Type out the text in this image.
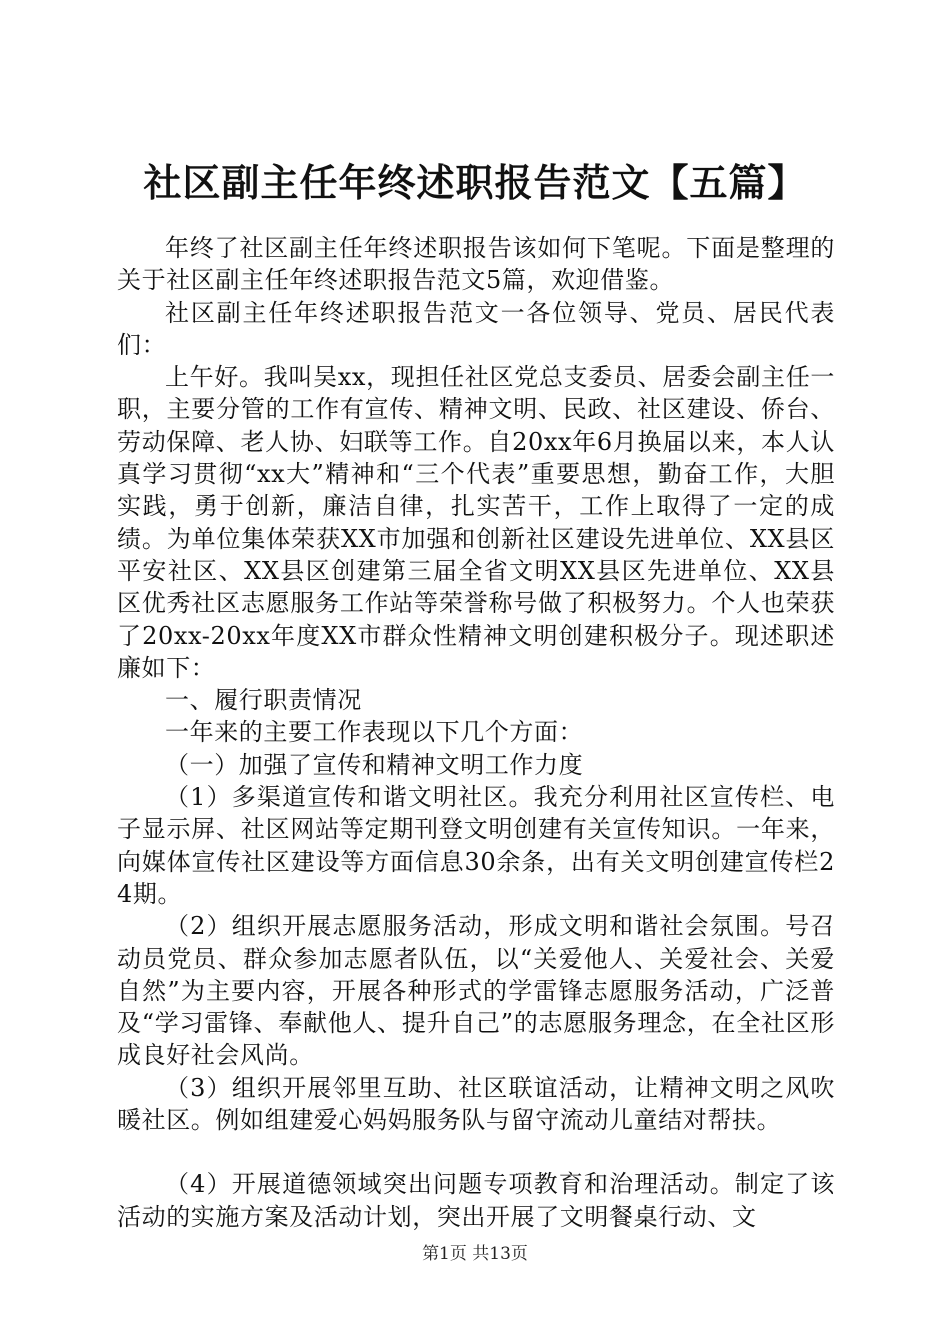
社区副主任年终述职报告范文【五篇】

年终了社区副主任年终述职报告该如何下笔呢。下面是整理的关于社区副主任年终述职报告范文5篇，欢迎借鉴。

社区副主任年终述职报告范文一各位领导、党员、居民代表们：

上午好。我叫吴xx，现担任社区党总支委员、居委会副主任一职，主要分管的工作有宣传、精神文明、民政、社区建设、侨台、劳动保障、老人协、妇联等工作。自20xx年6月换届以来，本人认真学习贯彻“xx大”精神和“三个代表”重要思想，勤奋工作，大胆实践，勇于创新，廉洁自律，扎实苦干，工作上取得了一定的成绩。为单位集体荣获XX市加强和创新社区建设先进单位、XX县区平安社区、XX县区创建第三届全省文明XX县区先进单位、XX县区优秀社区志愿服务工作站等荣誉称号做了积极努力。个人也荣获了20xx-20xx年度XX市群众性精神文明创建积极分子。现述职述廉如下：

一、履行职责情况

一年来的主要工作表现以下几个方面：

（一）加强了宣传和精神文明工作力度

（1）多渠道宣传和谐文明社区。我充分利用社区宣传栏、电子显示屏、社区网站等定期刊登文明创建有关宣传知识。一年来，向媒体宣传社区建设等方面信息30余条，出有关文明创建宣传栏24期。

（2）组织开展志愿服务活动，形成文明和谐社会氛围。号召动员党员、群众参加志愿者队伍，以“关爱他人、关爱社会、关爱自然”为主要内容，开展各种形式的学雷锋志愿服务活动，广泛普及“学习雷锋、奉献他人、提升自己”的志愿服务理念，在全社区形成良好社会风尚。

（3）组织开展邻里互助、社区联谊活动，让精神文明之风吹暖社区。例如组建爱心妈妈服务队与留守流动儿童结对帮扶。

（4）开展道德领域突出问题专项教育和治理活动。制定了该活动的实施方案及活动计划，突出开展了文明餐桌行动、文

第1页 共13页
